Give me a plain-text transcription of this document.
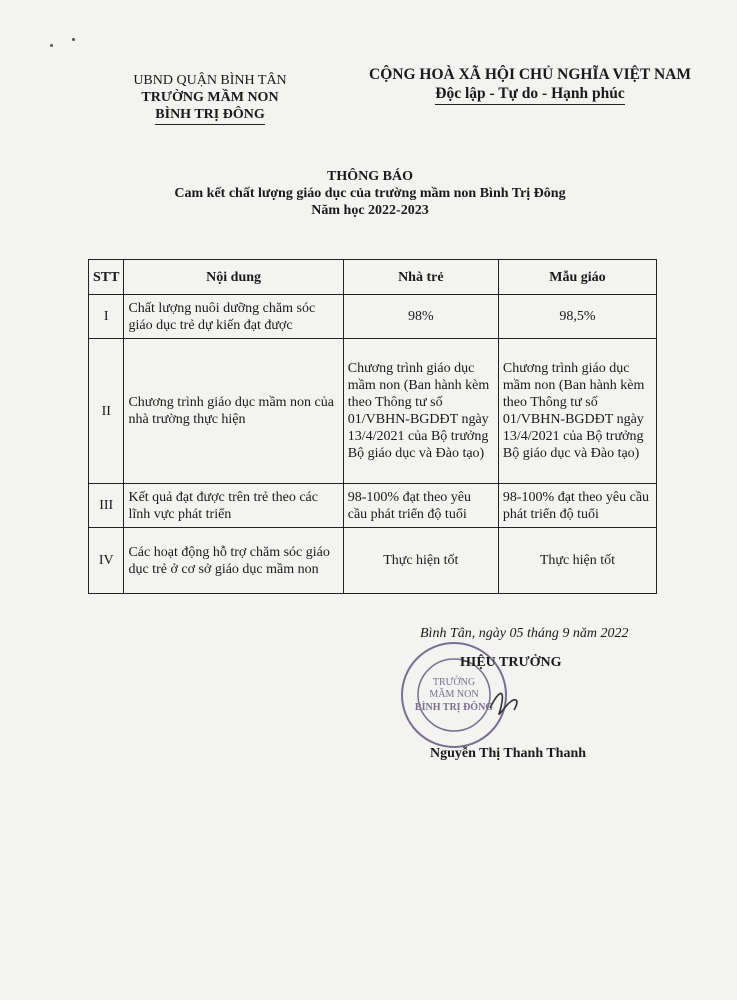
UBND QUẬN BÌNH TÂN
TRƯỜNG MẦM NON
BÌNH TRỊ ĐÔNG
CỘNG HOÀ XÃ HỘI CHỦ NGHĨA VIỆT NAM
Độc lập - Tự do - Hạnh phúc
THÔNG BÁO
Cam kết chất lượng giáo dục của trường mầm non Bình Trị Đông
Năm học 2022-2023
STT	Nội dung	Nhà trẻ	Mẫu giáo
I	Chất lượng nuôi dưỡng chăm sóc giáo dục trẻ dự kiến đạt được	98%	98,5%
II	Chương trình giáo dục mầm non của nhà trường thực hiện	Chương trình giáo dục mầm non (Ban hành kèm theo Thông tư số 01/VBHN-BGDĐT ngày 13/4/2021 của Bộ trưởng Bộ giáo dục và Đào tạo)	Chương trình giáo dục mầm non (Ban hành kèm theo Thông tư số 01/VBHN-BGDĐT ngày 13/4/2021 của Bộ trưởng Bộ giáo dục và Đào tạo)
III	Kết quả đạt được trên trẻ theo các lĩnh vực phát triển	98-100% đạt theo yêu cầu phát triển độ tuổi	98-100% đạt theo yêu cầu phát triển độ tuổi
IV	Các hoạt động hỗ trợ chăm sóc giáo dục trẻ ở cơ sở giáo dục mầm non	Thực hiện tốt	Thực hiện tốt
Bình Tân, ngày 05 tháng 9 năm 2022
TRƯỜNG
MẦM NON
BÌNH TRỊ ĐÔNG
HIỆU TRƯỞNG
Nguyễn Thị Thanh Thanh
